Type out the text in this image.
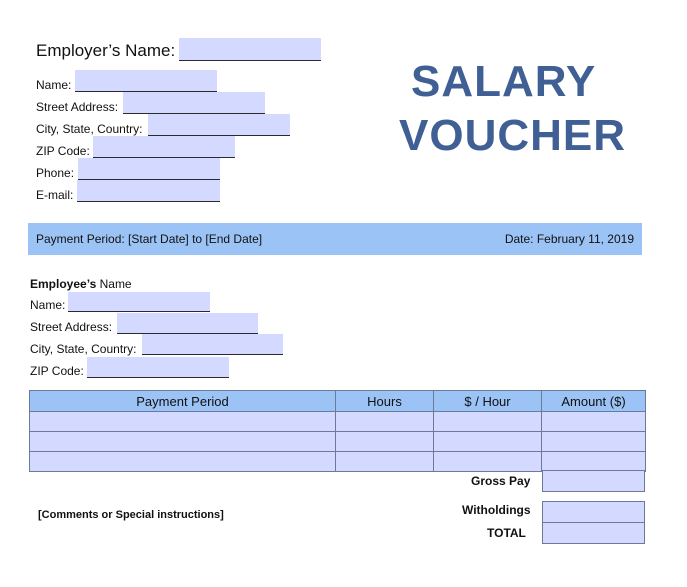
Employer’s Name:
Name:
Street Address:
City, State, Country:
ZIP Code:
Phone:
E-mail:
SALARY
VOUCHER
Payment Period: [Start Date] to [End Date]	Date: February 11, 2019
Employee’s Name
Name:
Street Address:
City, State, Country:
ZIP Code:
Payment Period	Hours	$ / Hour	Amount ($)

Gross Pay
[Comments or Special instructions]	Witholdings
TOTAL
